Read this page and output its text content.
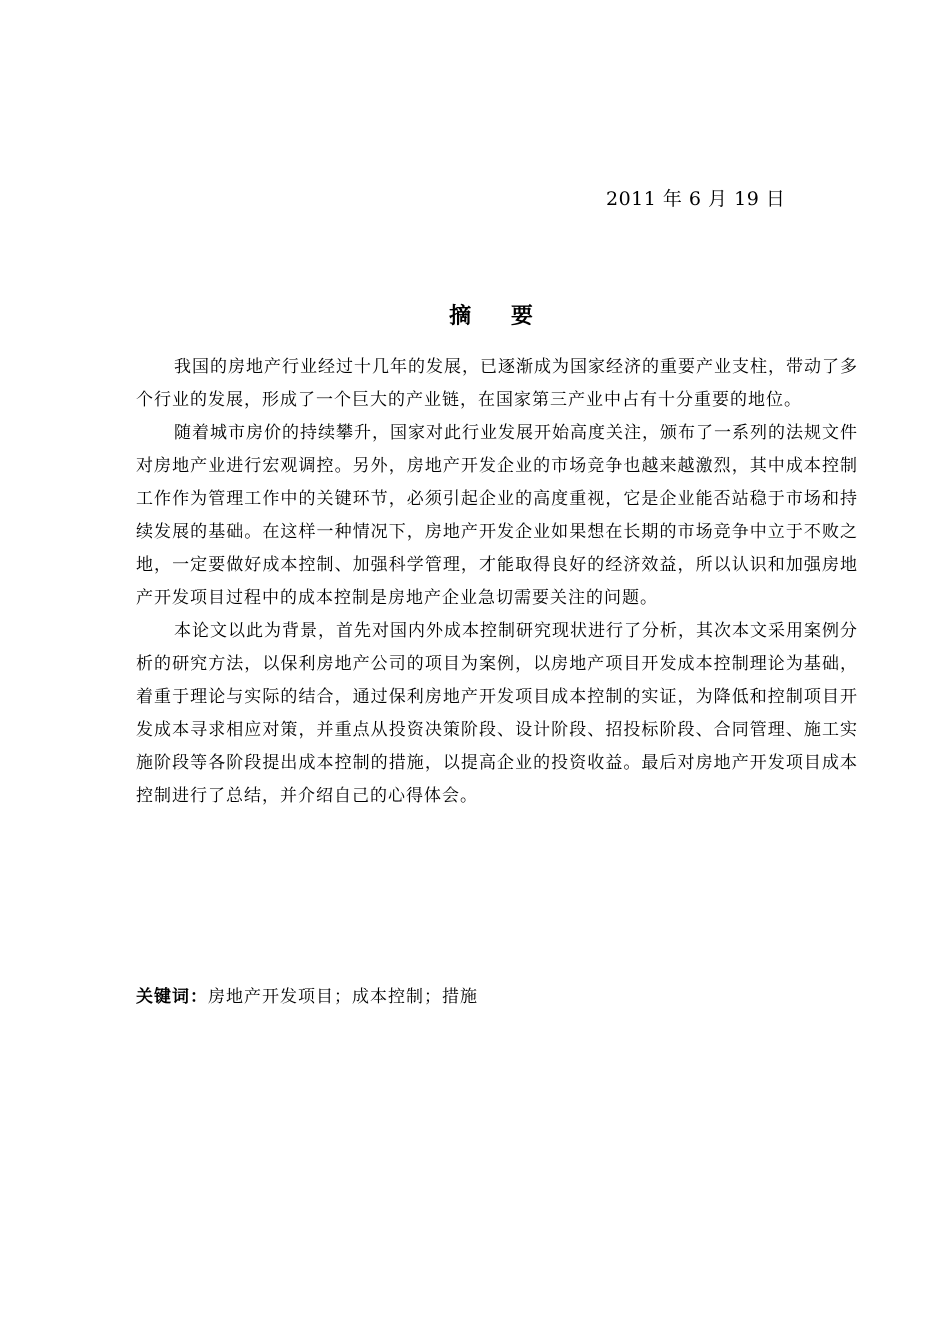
2011 年 6 月 19 日
摘 要

我国的房地产行业经过十几年的发展，已逐渐成为国家经济的重要产业支柱，带动了多个行业的发展，形成了一个巨大的产业链，在国家第三产业中占有十分重要的地位。

随着城市房价的持续攀升，国家对此行业发展开始高度关注，颁布了一系列的法规文件对房地产业进行宏观调控。另外，房地产开发企业的市场竞争也越来越激烈，其中成本控制工作作为管理工作中的关键环节，必须引起企业的高度重视，它是企业能否站稳于市场和持续发展的基础。在这样一种情况下，房地产开发企业如果想在长期的市场竞争中立于不败之地，一定要做好成本控制、加强科学管理，才能取得良好的经济效益，所以认识和加强房地产开发项目过程中的成本控制是房地产企业急切需要关注的问题。

本论文以此为背景，首先对国内外成本控制研究现状进行了分析，其次本文采用案例分析的研究方法，以保利房地产公司的项目为案例，以房地产项目开发成本控制理论为基础，着重于理论与实际的结合，通过保利房地产开发项目成本控制的实证，为降低和控制项目开发成本寻求相应对策，并重点从投资决策阶段、设计阶段、招投标阶段、合同管理、施工实施阶段等各阶段提出成本控制的措施，以提高企业的投资收益。最后对房地产开发项目成本控制进行了总结，并介绍自己的心得体会。

关键词：房地产开发项目；成本控制；措施
